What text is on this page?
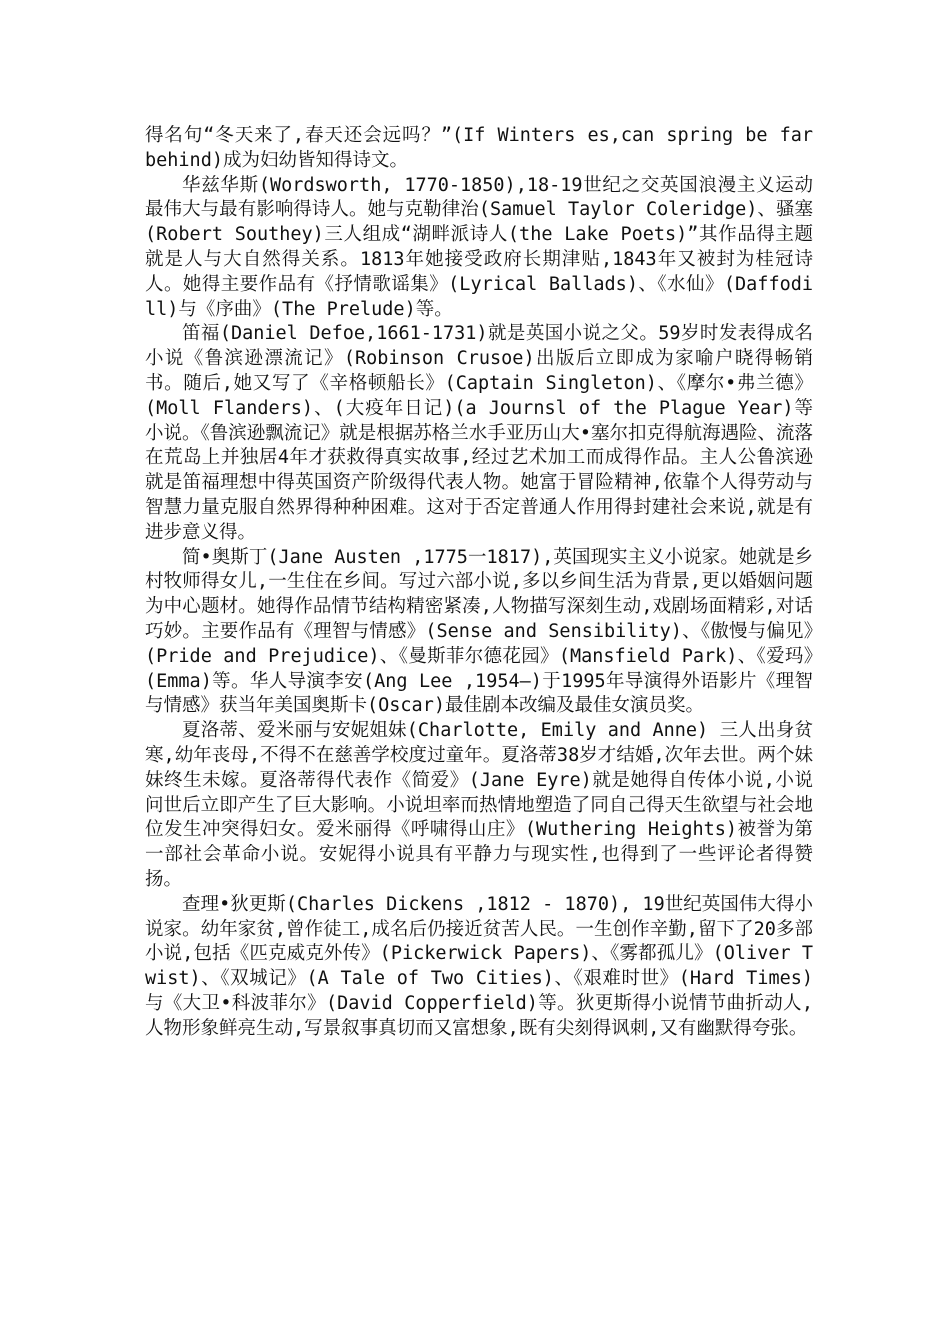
得名句“冬天来了,春天还会远吗？”(If Winters es,can spring be far behind)成为妇幼皆知得诗文。

华兹华斯(Wordsworth, 1770-1850),18-19世纪之交英国浪漫主义运动最伟大与最有影响得诗人。她与克勒律治(Samuel Taylor Coleridge)、骚塞(Robert Southey)三人组成“湖畔派诗人(the Lake Poets)”其作品得主题就是人与大自然得关系。1813年她接受政府长期津贴,1843年又被封为桂冠诗人。她得主要作品有《抒情歌谣集》(Lyrical Ballads)、《水仙》(Daffodill)与《序曲》(The Prelude)等。

笛福(Daniel Defoe,1661-1731)就是英国小说之父。59岁时发表得成名小说《鲁滨逊漂流记》(Robinson Crusoe)出版后立即成为家喻户晓得畅销书。随后,她又写了《辛格顿船长》(Captain Singleton)、《摩尔•弗兰德》(Moll Flanders)、(大疫年日记)(a Journsl of the Plague Year)等小说。《鲁滨逊飘流记》就是根据苏格兰水手亚历山大•塞尔扣克得航海遇险、流落在荒岛上并独居4年才获救得真实故事,经过艺术加工而成得作品。主人公鲁滨逊就是笛福理想中得英国资产阶级得代表人物。她富于冒险精神,依靠个人得劳动与智慧力量克服自然界得种种困难。这对于否定普通人作用得封建社会来说,就是有进步意义得。

简•奥斯丁(Jane Austen ,1775一1817),英国现实主义小说家。她就是乡村牧师得女儿,一生住在乡间。写过六部小说,多以乡间生活为背景,更以婚姻问题为中心题材。她得作品情节结构精密紧凑,人物描写深刻生动,戏剧场面精彩,对话巧妙。主要作品有《理智与情感》(Sense and Sensibility)、《傲慢与偏见》(Pride and Prejudice)、《曼斯菲尔德花园》(Mansfield Park)、《爱玛》(Emma)等。华人导演李安(Ang Lee ,1954—)于1995年导演得外语影片《理智与情感》获当年美国奥斯卡(Oscar)最佳剧本改编及最佳女演员奖。

夏洛蒂、爱米丽与安妮姐妹(Charlotte, Emily and Anne) 三人出身贫寒,幼年丧母,不得不在慈善学校度过童年。夏洛蒂38岁才结婚,次年去世。两个妹妹终生未嫁。夏洛蒂得代表作《简爱》(Jane Eyre)就是她得自传体小说,小说问世后立即产生了巨大影响。小说坦率而热情地塑造了同自己得天生欲望与社会地位发生冲突得妇女。爱米丽得《呼啸得山庄》(Wuthering Heights)被誉为第一部社会革命小说。安妮得小说具有平静力与现实性,也得到了一些评论者得赞扬。

查理•狄更斯(Charles Dickens ,1812 - 1870), 19世纪英国伟大得小说家。幼年家贫,曾作徒工,成名后仍接近贫苦人民。一生创作辛勤,留下了20多部小说,包括《匹克威克外传》(Pickerwick Papers)、《雾都孤儿》(Oliver Twist)、《双城记》(A Tale of Two Cities)、《艰难时世》(Hard Times)与《大卫•科波菲尔》(David Copperfield)等。狄更斯得小说情节曲折动人,人物形象鲜亮生动,写景叙事真切而又富想象,既有尖刻得讽刺,又有幽默得夸张。
